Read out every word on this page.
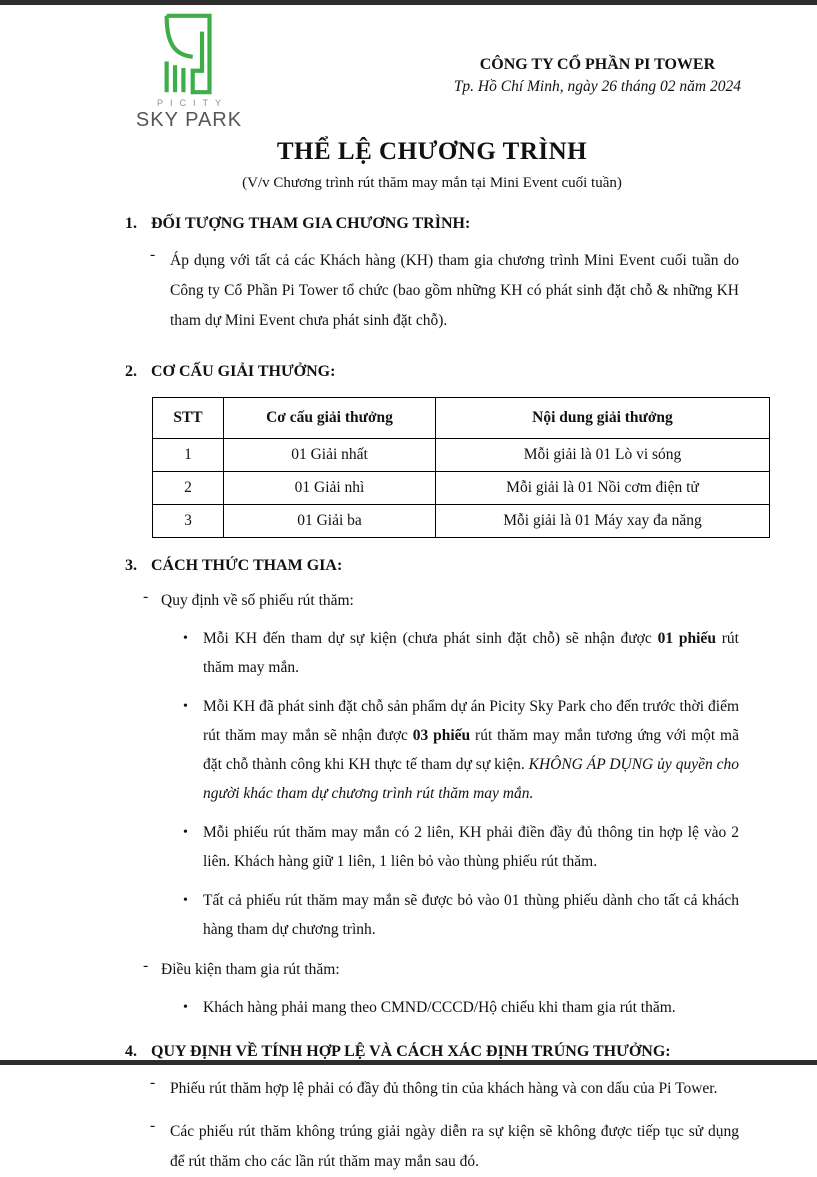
PICITY
SKY PARK
CÔNG TY CỔ PHẦN PI TOWER
Tp. Hồ Chí Minh, ngày 26 tháng 02 năm 2024
THỂ LỆ CHƯƠNG TRÌNH
(V/v Chương trình rút thăm may mắn tại Mini Event cuối tuần)
1. ĐỐI TƯỢNG THAM GIA CHƯƠNG TRÌNH:
- Áp dụng với tất cả các Khách hàng (KH) tham gia chương trình Mini Event cuối tuần do Công ty Cổ Phần Pi Tower tổ chức (bao gồm những KH có phát sinh đặt chỗ & những KH tham dự Mini Event chưa phát sinh đặt chỗ).
2. CƠ CẤU GIẢI THƯỞNG:
STT	Cơ cấu giải thưởng	Nội dung giải thưởng
1	01 Giải nhất	Mỗi giải là 01 Lò vi sóng
2	01 Giải nhì	Mỗi giải là 01 Nồi cơm điện tử
3	01 Giải ba	Mỗi giải là 01 Máy xay đa năng
3. CÁCH THỨC THAM GIA:
- Quy định về số phiếu rút thăm:
• Mỗi KH đến tham dự sự kiện (chưa phát sinh đặt chỗ) sẽ nhận được 01 phiếu rút thăm may mắn.
• Mỗi KH đã phát sinh đặt chỗ sản phẩm dự án Picity Sky Park cho đến trước thời điểm rút thăm may mắn sẽ nhận được 03 phiếu rút thăm may mắn tương ứng với một mã đặt chỗ thành công khi KH thực tế tham dự sự kiện. KHÔNG ÁP DỤNG ủy quyền cho người khác tham dự chương trình rút thăm may mắn.
• Mỗi phiếu rút thăm may mắn có 2 liên, KH phải điền đầy đủ thông tin hợp lệ vào 2 liên. Khách hàng giữ 1 liên, 1 liên bỏ vào thùng phiếu rút thăm.
• Tất cả phiếu rút thăm may mắn sẽ được bỏ vào 01 thùng phiếu dành cho tất cả khách hàng tham dự chương trình.
- Điều kiện tham gia rút thăm:
• Khách hàng phải mang theo CMND/CCCD/Hộ chiếu khi tham gia rút thăm.
4. QUY ĐỊNH VỀ TÍNH HỢP LỆ VÀ CÁCH XÁC ĐỊNH TRÚNG THƯỞNG:
- Phiếu rút thăm hợp lệ phải có đầy đủ thông tin của khách hàng và con dấu của Pi Tower.
- Các phiếu rút thăm không trúng giải ngày diễn ra sự kiện sẽ không được tiếp tục sử dụng để rút thăm cho các lần rút thăm may mắn sau đó.
